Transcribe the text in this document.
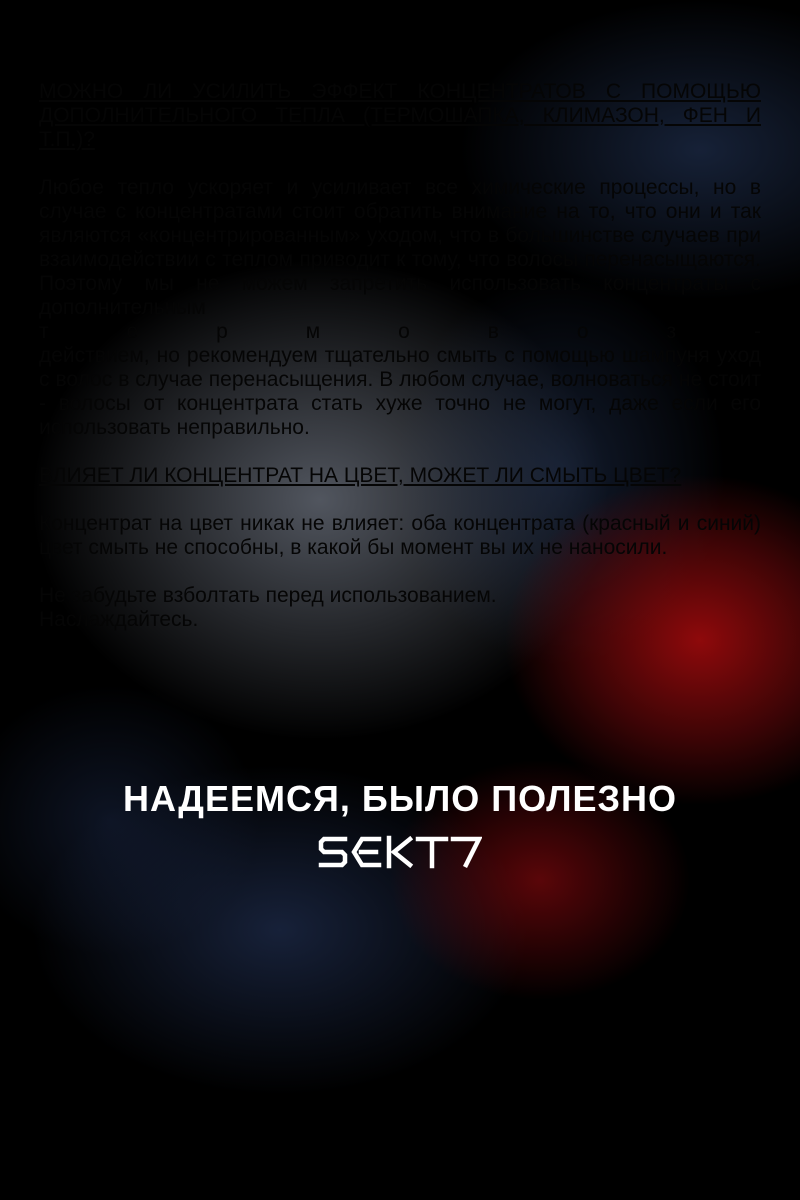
МОЖНО ЛИ УСИЛИТЬ ЭФФЕКТ КОНЦЕНТРАТОВ С ПОМОЩЬЮ ДОПОЛНИТЕЛЬНОГО ТЕПЛА (ТЕРМОШАПКА, КЛИМАЗОН, ФЕН И Т.П.)?

Любое тепло ускоряет и усиливает все химические процессы, но в случае с концентратами стоит обратить внимание на то, что они и так являются «концентрированным» уходом, что в большинстве случаев при взаимодействии с теплом приводит к тому, что волосы перенасыщаются. Поэтому мы не можем запретить использовать концентраты с дополнительным
т е р м о в о з -
действием, но рекомендуем тщательно смыть с помощью шампуня уход с волос в случае перенасыщения. В любом случае, волноваться не стоит - волосы от концентрата стать хуже точно не могут, даже если его использовать неправильно.

ВЛИЯЕТ ЛИ КОНЦЕНТРАТ НА ЦВЕТ, МОЖЕТ ЛИ СМЫТЬ ЦВЕТ?

Концентрат на цвет никак не влияет: оба концентрата (красный и синий) цвет смыть не способны, в какой бы момент вы их не наносили.

Не забудьте взболтать перед использованием.
Наслаждайтесь.

НАДЕЕМСЯ, БЫЛО ПОЛЕЗНО
